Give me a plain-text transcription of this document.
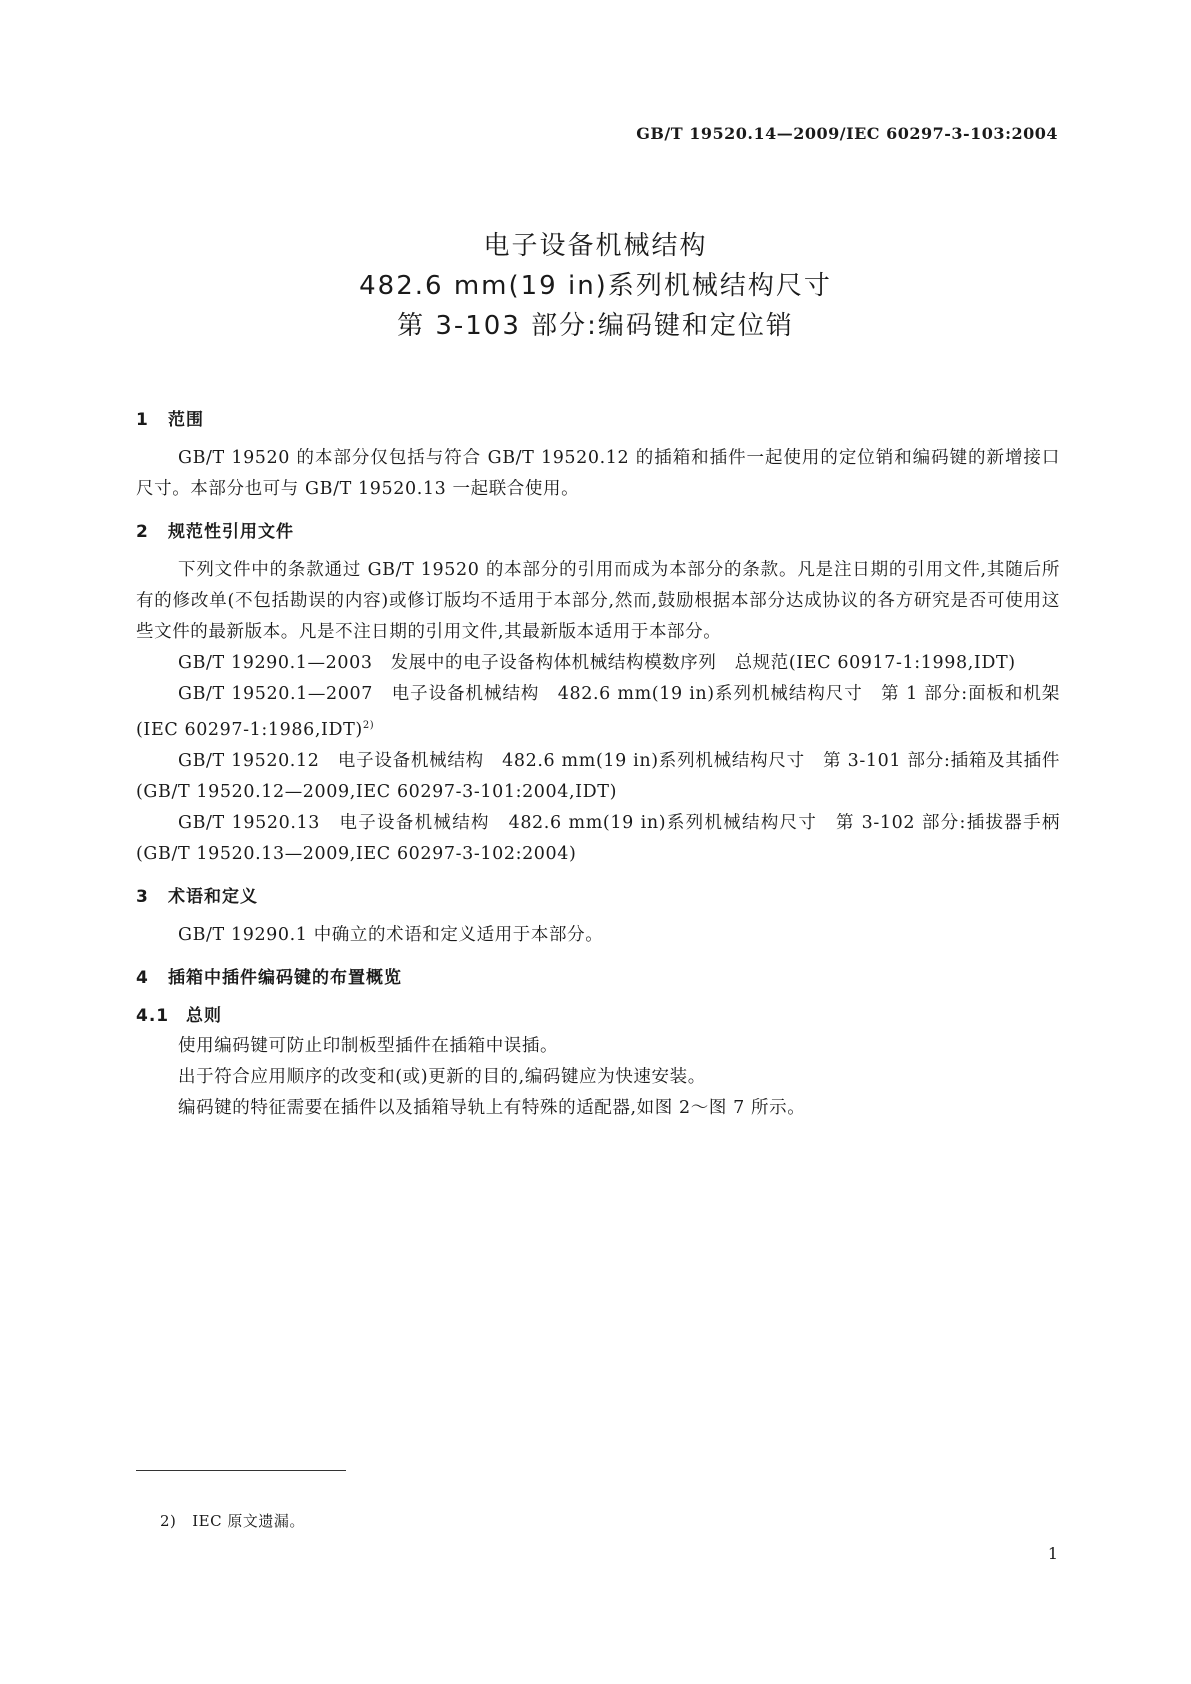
GB/T 19520.14—2009/IEC 60297-3-103:2004
电子设备机械结构
482.6 mm(19 in)系列机械结构尺寸
第 3-103 部分:编码键和定位销
1 范围

GB/T 19520 的本部分仅包括与符合 GB/T 19520.12 的插箱和插件一起使用的定位销和编码键的新增接口尺寸。本部分也可与 GB/T 19520.13 一起联合使用。

2 规范性引用文件

下列文件中的条款通过 GB/T 19520 的本部分的引用而成为本部分的条款。凡是注日期的引用文件,其随后所有的修改单(不包括勘误的内容)或修订版均不适用于本部分,然而,鼓励根据本部分达成协议的各方研究是否可使用这些文件的最新版本。凡是不注日期的引用文件,其最新版本适用于本部分。

GB/T 19290.1—2003　发展中的电子设备构体机械结构模数序列　总规范(IEC 60917-1:1998,IDT)

GB/T 19520.1—2007　电子设备机械结构　482.6 mm(19 in)系列机械结构尺寸　第 1 部分:面板和机架(IEC 60297-1:1986,IDT)$^{2)}$

GB/T 19520.12　电子设备机械结构　482.6 mm(19 in)系列机械结构尺寸　第 3-101 部分:插箱及其插件(GB/T 19520.12—2009,IEC 60297-3-101:2004,IDT)

GB/T 19520.13　电子设备机械结构　482.6 mm(19 in)系列机械结构尺寸　第 3-102 部分:插拔器手柄(GB/T 19520.13—2009,IEC 60297-3-102:2004)

3 术语和定义

GB/T 19290.1 中确立的术语和定义适用于本部分。

4 插箱中插件编码键的布置概览
4.1 总则

使用编码键可防止印制板型插件在插箱中误插。

出于符合应用顺序的改变和(或)更新的目的,编码键应为快速安装。

编码键的特征需要在插件以及插箱导轨上有特殊的适配器,如图 2～图 7 所示。

2) IEC 原文遗漏。
1
